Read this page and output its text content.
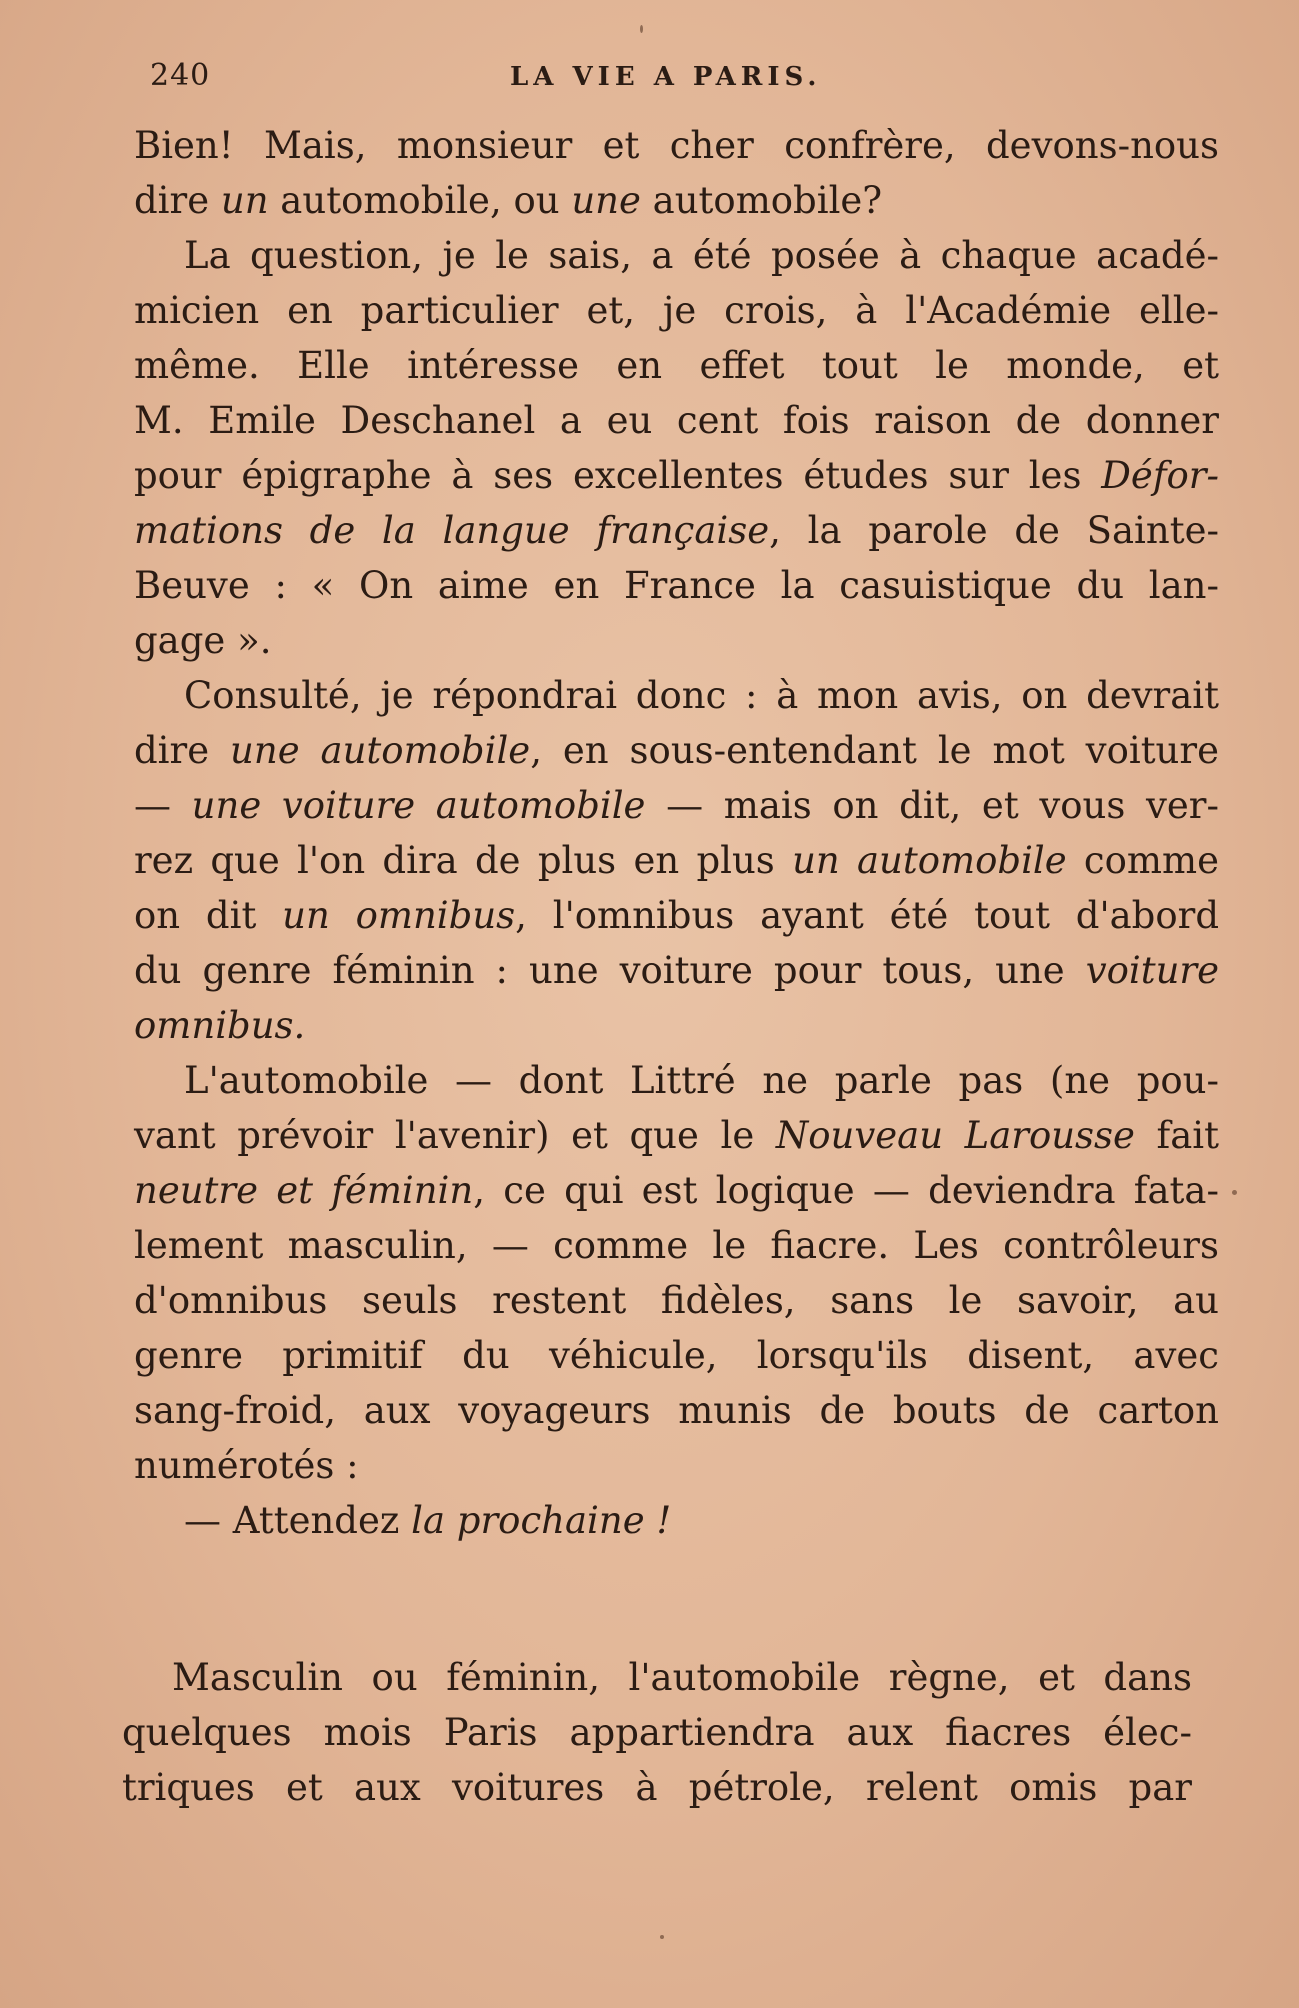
240	LA VIE A PARIS.
Bien! Mais, monsieur et cher confrère, devons-nous
dire un automobile, ou une automobile?
La question, je le sais, a été posée à chaque acadé-
micien en particulier et, je crois, à l'Académie elle-
même. Elle intéresse en effet tout le monde, et
M. Emile Deschanel a eu cent fois raison de donner
pour épigraphe à ses excellentes études sur les Défor-
mations de la langue française, la parole de Sainte-
Beuve : « On aime en France la casuistique du lan-
gage ».
Consulté, je répondrai donc : à mon avis, on devrait
dire une automobile, en sous-entendant le mot voiture
— une voiture automobile — mais on dit, et vous ver-
rez que l'on dira de plus en plus un automobile comme
on dit un omnibus, l'omnibus ayant été tout d'abord
du genre féminin : une voiture pour tous, une voiture
omnibus.
L'automobile — dont Littré ne parle pas (ne pou-
vant prévoir l'avenir) et que le Nouveau Larousse fait
neutre et féminin, ce qui est logique — deviendra fata-
lement masculin, — comme le fiacre. Les contrôleurs
d'omnibus seuls restent fidèles, sans le savoir, au
genre primitif du véhicule, lorsqu'ils disent, avec
sang-froid, aux voyageurs munis de bouts de carton
numérotés :
— Attendez la prochaine !
Masculin ou féminin, l'automobile règne, et dans
quelques mois Paris appartiendra aux fiacres élec-
triques et aux voitures à pétrole, relent omis par
